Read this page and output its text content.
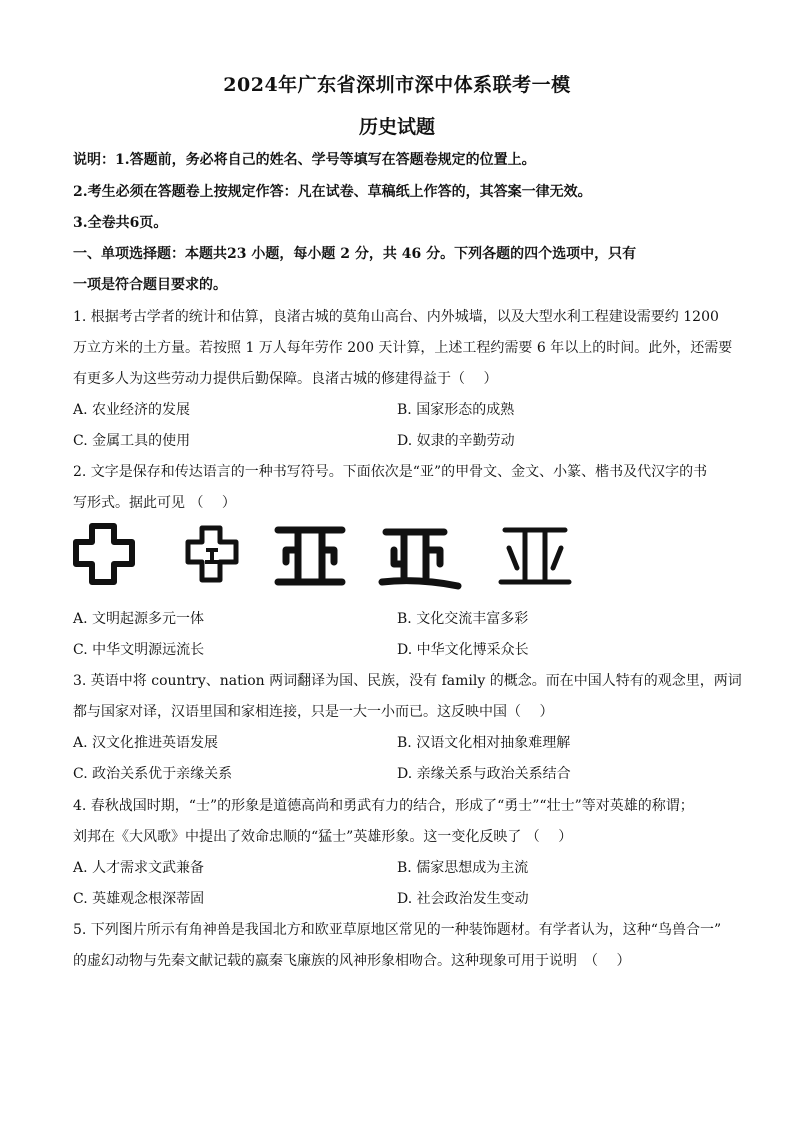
2024年广东省深圳市深中体系联考一模
历史试题
说明：1.答题前，务必将自己的姓名、学号等填写在答题卷规定的位置上。
2.考生必须在答题卷上按规定作答：凡在试卷、草稿纸上作答的，其答案一律无效。
3.全卷共6页。
一、单项选择题：本题共23 小题，每小题 2 分，共 46 分。下列各题的四个选项中，只有
一项是符合题目要求的。
1. 根据考古学者的统计和估算，良渚古城的莫角山高台、内外城墙，以及大型水利工程建设需要约 1200
万立方米的土方量。若按照 1 万人每年劳作 200 天计算，上述工程约需要 6 年以上的时间。此外，还需要
有更多人为这些劳动力提供后勤保障。良渚古城的修建得益于（　 ）
A. 农业经济的发展	B. 国家形态的成熟
C. 金属工具的使用	D. 奴隶的辛勤劳动
2. 文字是保存和传达语言的一种书写符号。下面依次是“亚”的甲骨文、金文、小篆、楷书及代汉字的书
写形式。据此可见 （　 ）
A. 文明起源多元一体	B. 文化交流丰富多彩
C. 中华文明源远流长	D. 中华文化博采众长
3. 英语中将 country、nation 两词翻译为国、民族，没有 family 的概念。而在中国人特有的观念里，两词
都与国家对译，汉语里国和家相连接，只是一大一小而已。这反映中国（　 ）
A. 汉文化推进英语发展	B. 汉语文化相对抽象难理解
C. 政治关系优于亲缘关系	D. 亲缘关系与政治关系结合
4. 春秋战国时期，“士”的形象是道德高尚和勇武有力的结合，形成了“勇士”“壮士”等对英雄的称谓；
刘邦在《大风歌》中提出了效命忠顺的“猛士”英雄形象。这一变化反映了 （　 ）
A. 人才需求文武兼备	B. 儒家思想成为主流
C. 英雄观念根深蒂固	D. 社会政治发生变动
5. 下列图片所示有角神兽是我国北方和欧亚草原地区常见的一种装饰题材。有学者认为，这种“鸟兽合一”
的虚幻动物与先秦文献记载的嬴秦飞廉族的风神形象相吻合。这种现象可用于说明　（　 ）
